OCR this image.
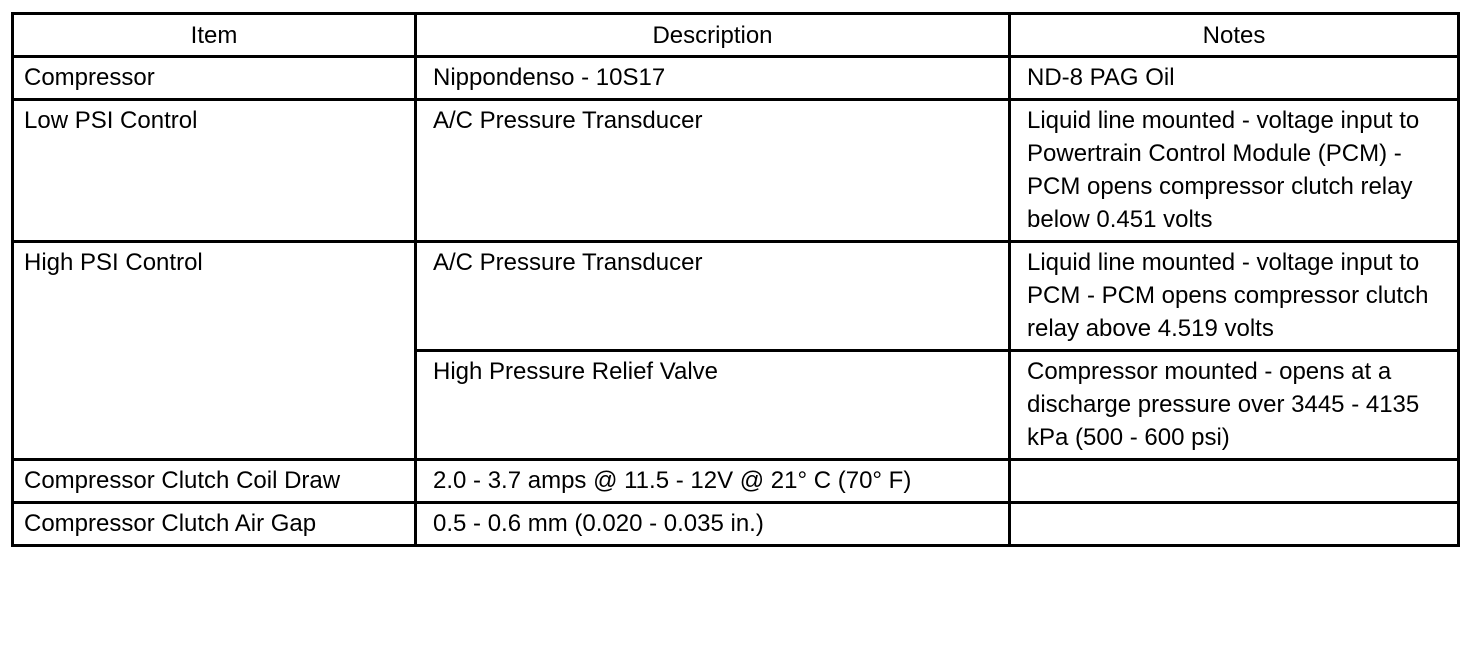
Item	Description	Notes
Compressor	Nippondenso - 10S17	ND-8 PAG Oil
Low PSI Control	A/C Pressure Transducer	Liquid line mounted - voltage input to Powertrain Control Module (PCM) - PCM opens compressor clutch relay below 0.451 volts
High PSI Control	A/C Pressure Transducer	Liquid line mounted - voltage input to PCM - PCM opens compressor clutch relay above 4.519 volts
	High Pressure Relief Valve	Compressor mounted - opens at a discharge pressure over 3445 - 4135 kPa (500 - 600 psi)
Compressor Clutch Coil Draw	2.0 - 3.7 amps @ 11.5 - 12V @ 21° C (70° F)	
Compressor Clutch Air Gap	0.5 - 0.6 mm (0.020 - 0.035 in.)	
